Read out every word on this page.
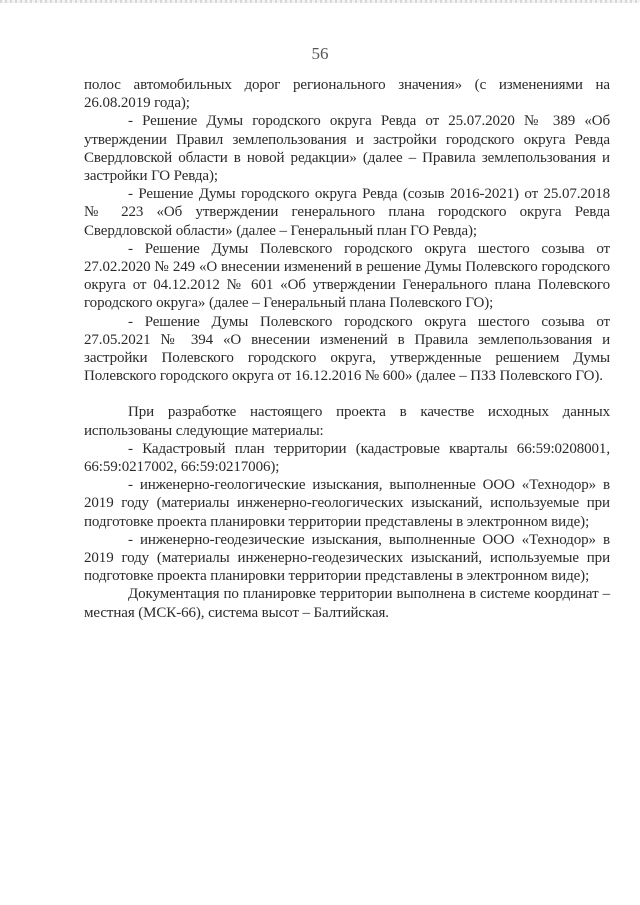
56

полос автомобильных дорог регионального значения» (с изменениями на 26.08.2019 года);

- Решение Думы городского округа Ревда от 25.07.2020 № 389 «Об утверждении Правил землепользования и застройки городского округа Ревда Свердловской области в новой редакции» (далее – Правила землепользования и застройки ГО Ревда);

- Решение Думы городского округа Ревда (созыв 2016-2021) от 25.07.2018 № 223 «Об утверждении генерального плана городского округа Ревда Свердловской области» (далее – Генеральный план ГО Ревда);

- Решение Думы Полевского городского округа шестого созыва от 27.02.2020 № 249 «О внесении изменений в решение Думы Полевского городского округа от 04.12.2012 № 601 «Об утверждении Генерального плана Полевского городского округа» (далее – Генеральный плана Полевского ГО);

- Решение Думы Полевского городского округа шестого созыва от 27.05.2021 № 394 «О внесении изменений в Правила землепользования и застройки Полевского городского округа, утвержденные решением Думы Полевского городского округа от 16.12.2016 № 600» (далее – ПЗЗ Полевского ГО).

При разработке настоящего проекта в качестве исходных данных использованы следующие материалы:

- Кадастровый план территории (кадастровые кварталы 66:59:0208001, 66:59:0217002, 66:59:0217006);

- инженерно-геологические изыскания, выполненные ООО «Технодор» в 2019 году (материалы инженерно-геологических изысканий, используемые при подготовке проекта планировки территории представлены в электронном виде);

- инженерно-геодезические изыскания, выполненные ООО «Технодор» в 2019 году (материалы инженерно-геодезических изысканий, используемые при подготовке проекта планировки территории представлены в электронном виде);

Документация по планировке территории выполнена в системе координат – местная (МСК-66), система высот – Балтийская.
